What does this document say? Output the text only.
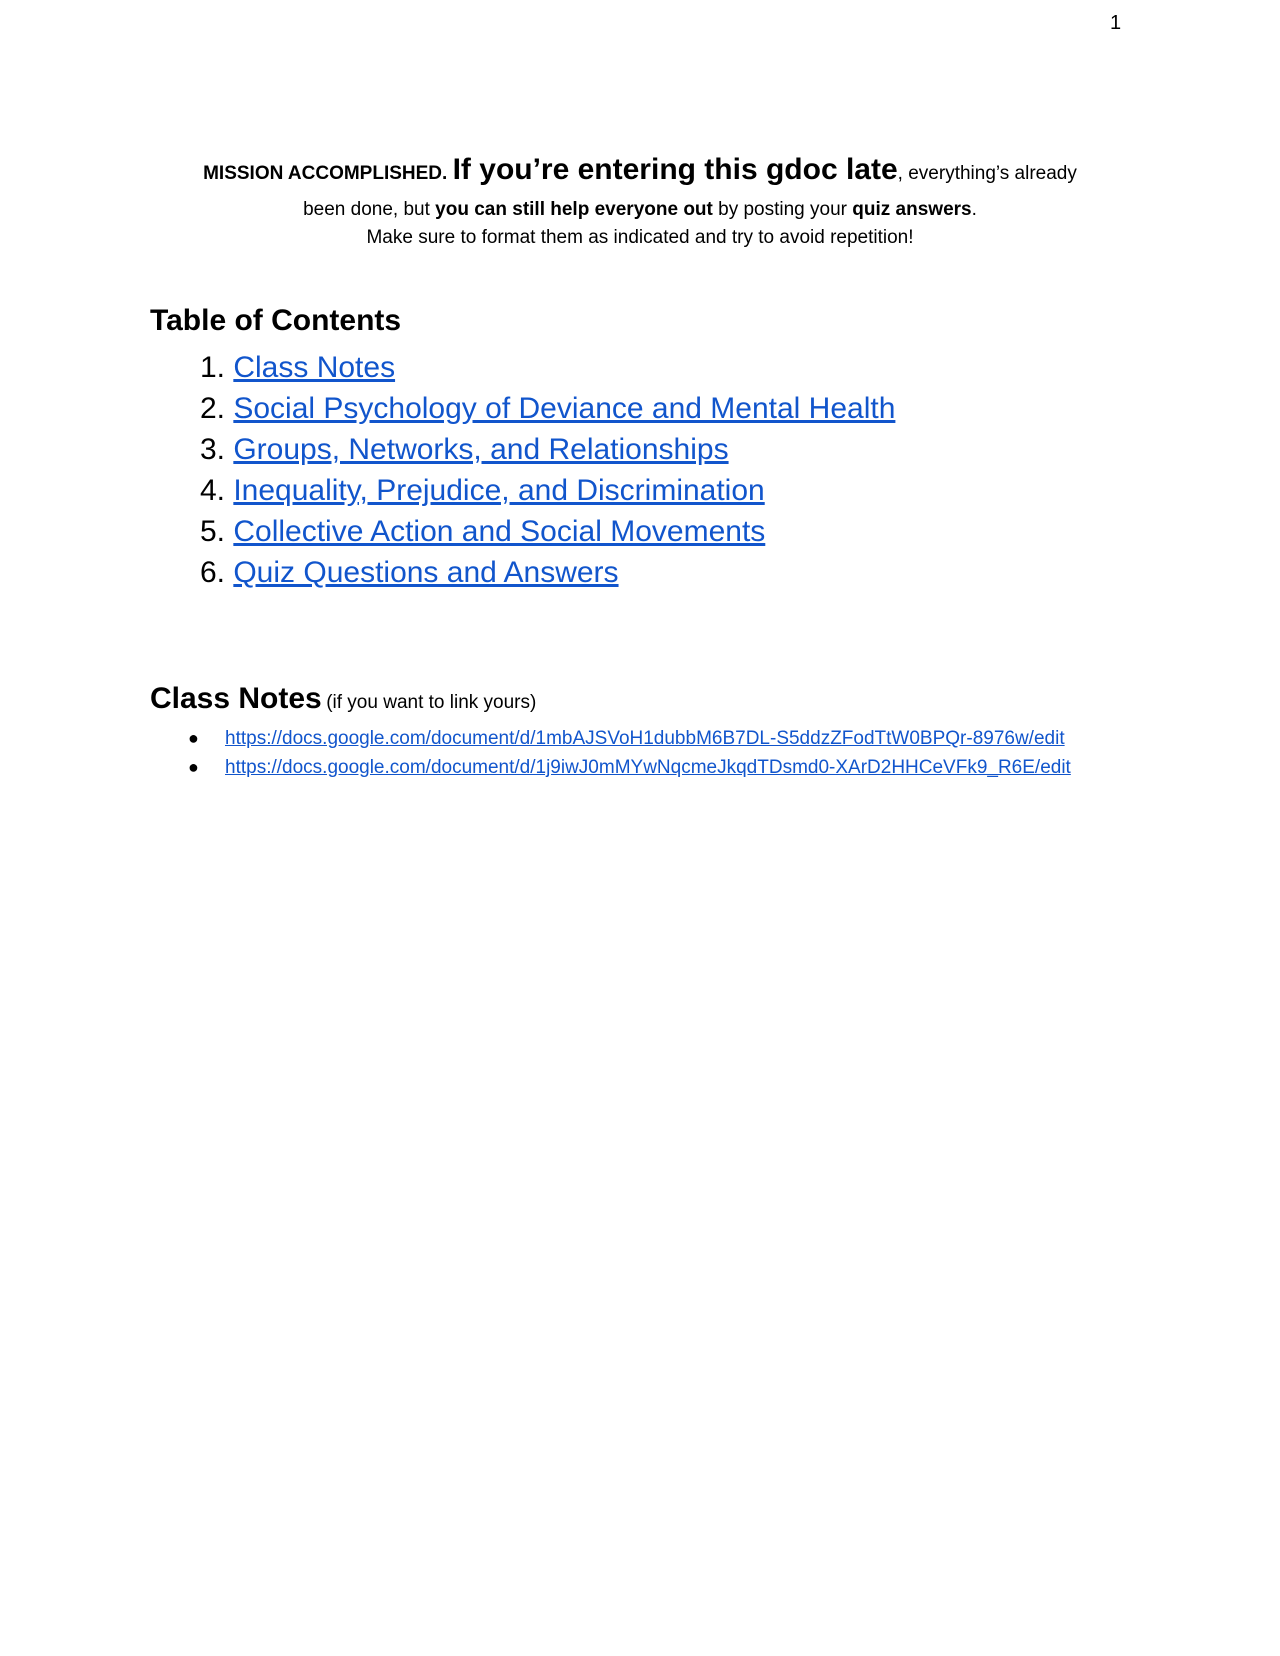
1
MISSION ACCOMPLISHED. If you’re entering this gdoc late, everything’s already
been done, but you can still help everyone out by posting your quiz answers.
Make sure to format them as indicated and try to avoid repetition!
Table of Contents
1. Class Notes
2. Social Psychology of Deviance and Mental Health
3. Groups, Networks, and Relationships
4. Inequality, Prejudice, and Discrimination
5. Collective Action and Social Movements
6. Quiz Questions and Answers
Class Notes (if you want to link yours)
● https://docs.google.com/document/d/1mbAJSVoH1dubbM6B7DL-S5ddzZFodTtW0BPQr-8976w/edit
● https://docs.google.com/document/d/1j9iwJ0mMYwNqcmeJkqdTDsmd0-XArD2HHCeVFk9_R6E/edit
